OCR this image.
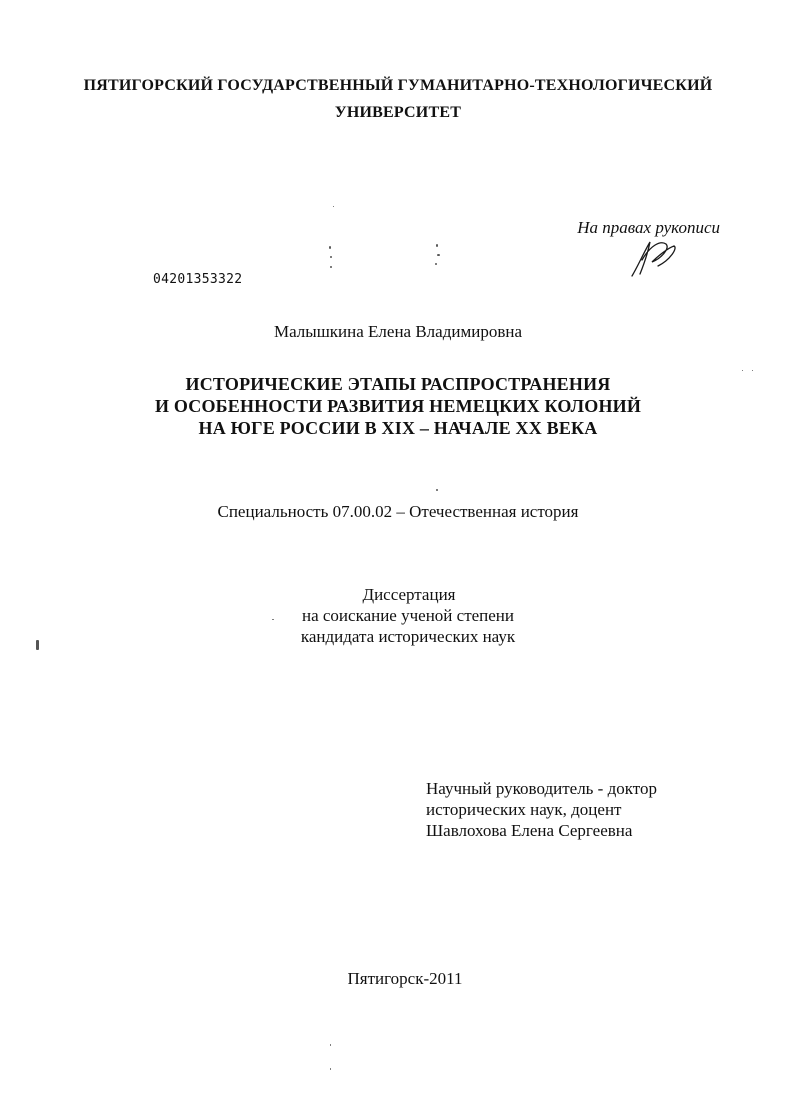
ПЯТИГОРСКИЙ ГОСУДАРСТВЕННЫЙ ГУМАНИТАРНО-ТЕХНОЛОГИЧЕСКИЙ
УНИВЕРСИТЕТ
На правах рукописи
04201353322
Малышкина Елена Владимировна
ИСТОРИЧЕСКИЕ ЭТАПЫ РАСПРОСТРАНЕНИЯ
И ОСОБЕННОСТИ РАЗВИТИЯ НЕМЕЦКИХ КОЛОНИЙ
НА ЮГЕ РОССИИ В XIX – НАЧАЛЕ XX ВЕКА
Специальность 07.00.02 – Отечественная история
Диссертация
на соискание ученой степени
кандидата исторических наук
Научный руководитель - доктор
исторических наук, доцент
Шавлохова Елена Сергеевна
Пятигорск-2011
